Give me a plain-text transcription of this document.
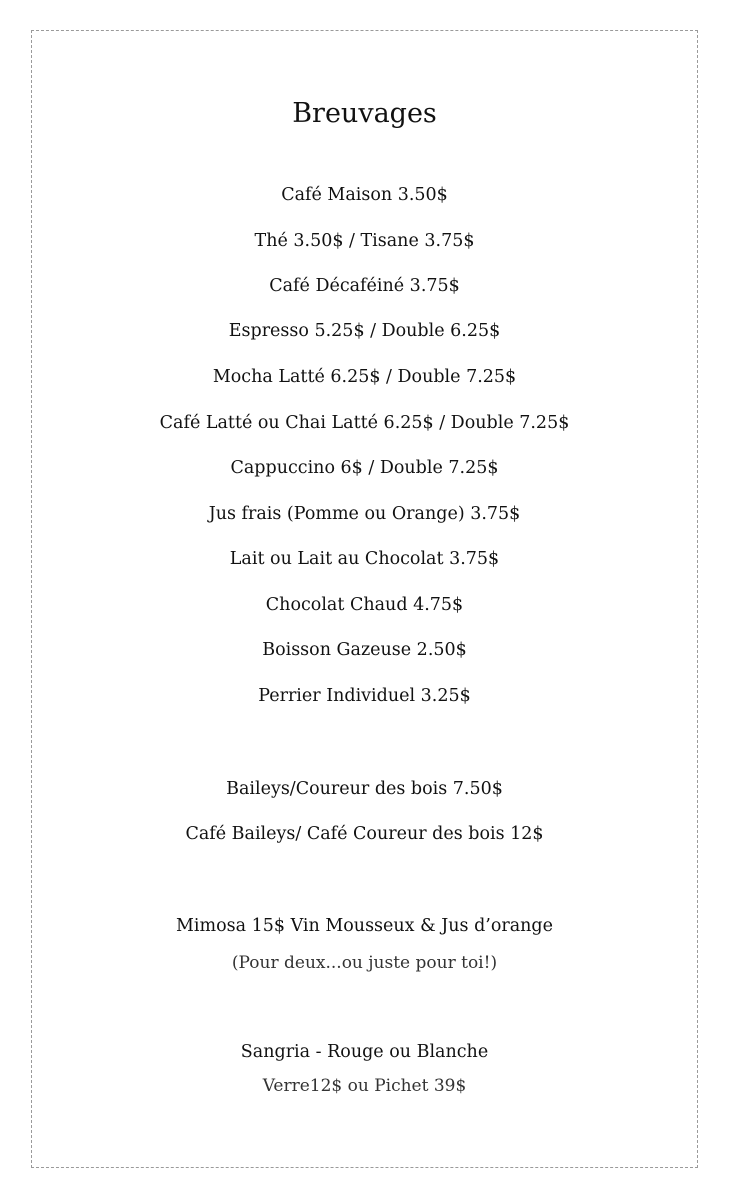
Breuvages
Café Maison 3.50$
Thé 3.50$ / Tisane 3.75$
Café Décaféiné 3.75$
Espresso 5.25$ / Double 6.25$
Mocha Latté 6.25$ / Double 7.25$
Café Latté ou Chai Latté 6.25$ / Double 7.25$
Cappuccino 6$ / Double 7.25$
Jus frais (Pomme ou Orange) 3.75$
Lait ou Lait au Chocolat 3.75$
Chocolat Chaud 4.75$
Boisson Gazeuse 2.50$
Perrier Individuel 3.25$
Baileys/Coureur des bois 7.50$
Café Baileys/ Café Coureur des bois 12$
Mimosa 15$ Vin Mousseux & Jus d’orange
(Pour deux...ou juste pour toi!)
Sangria - Rouge ou Blanche
Verre12$ ou Pichet 39$
